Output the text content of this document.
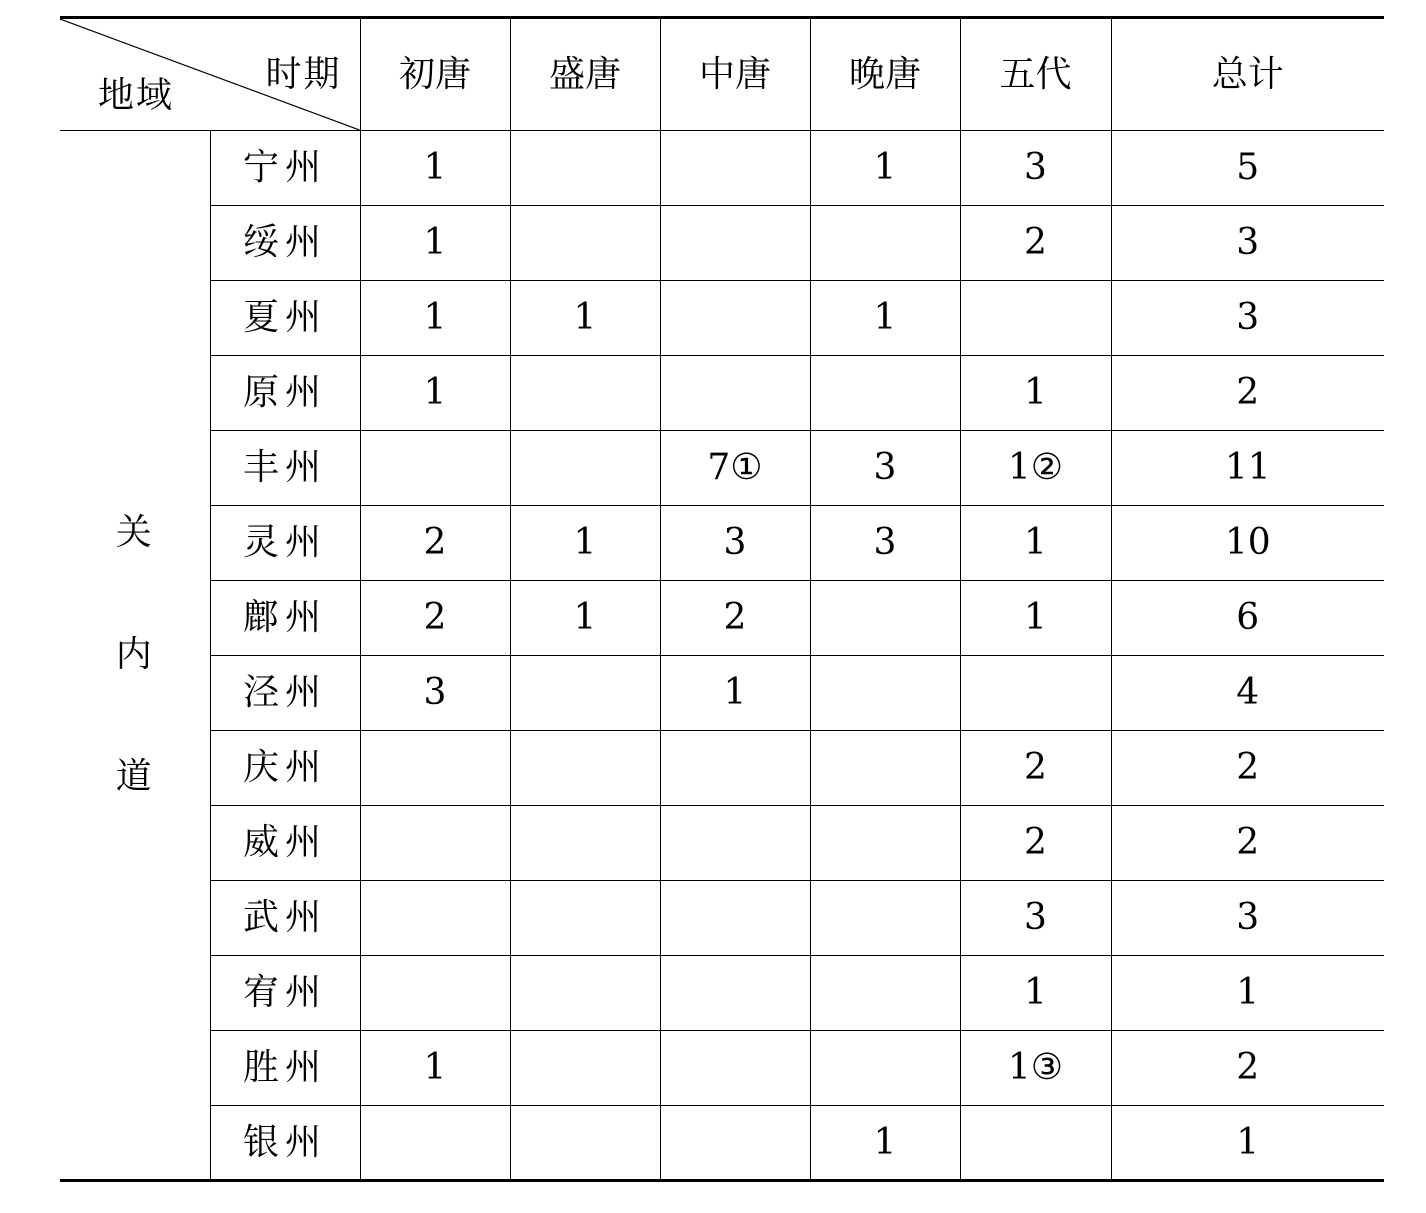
时期
地域		初唐	盛唐	中唐	晚唐	五代	总计

关
内
道	宁州	1			1	3	5
	绥州	1				2	3
	夏州	1	1		1		3
	原州	1				1	2
	丰州			7①	3	1②	11
	灵州	2	1	3	3	1	10
	鄜州	2	1	2		1	6
	泾州	3		1			4
	庆州					2	2
	威州					2	2
	武州					3	3
	宥州					1	1
	胜州	1				1③	2
	银州				1		1
